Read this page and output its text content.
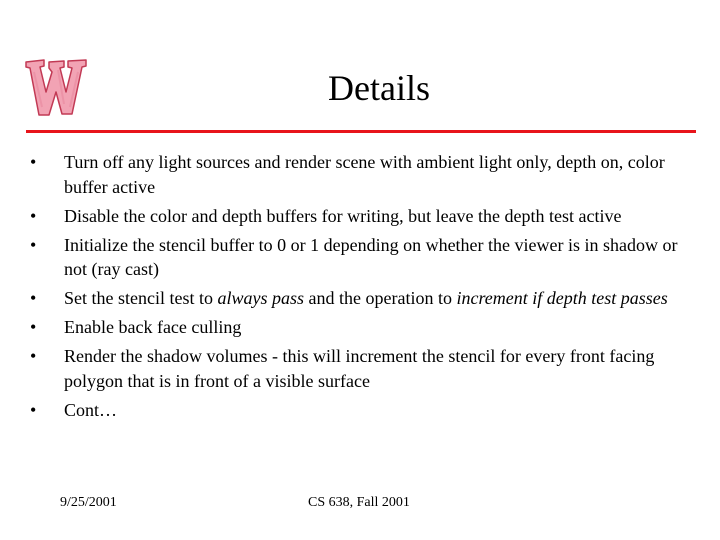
Details
• Turn off any light sources and render scene with ambient light only, depth on, color buffer active
• Disable the color and depth buffers for writing, but leave the depth test active
• Initialize the stencil buffer to 0 or 1 depending on whether the viewer is in shadow or not (ray cast)
• Set the stencil test to always pass and the operation to increment if depth test passes
• Enable back face culling
• Render the shadow volumes - this will increment the stencil for every front facing polygon that is in front of a visible surface
• Cont…
9/25/2001	CS 638, Fall 2001
